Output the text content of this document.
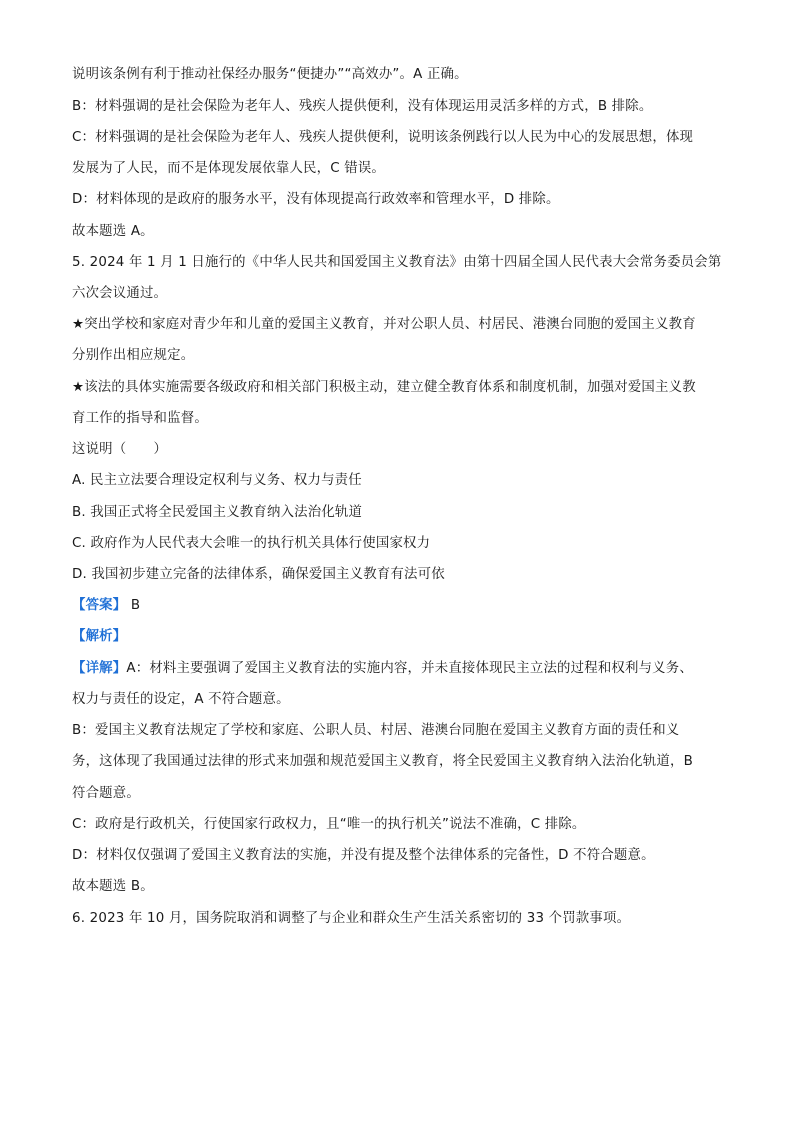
说明该条例有利于推动社保经办服务“便捷办”“高效办”。A 正确。
B：材料强调的是社会保险为老年人、残疾人提供便利，没有体现运用灵活多样的方式，B 排除。
C：材料强调的是社会保险为老年人、残疾人提供便利，说明该条例践行以人民为中心的发展思想，体现
发展为了人民，而不是体现发展依靠人民，C 错误。
D：材料体现的是政府的服务水平，没有体现提高行政效率和管理水平，D 排除。
故本题选 A。
5. 2024 年 1 月 1 日施行的《中华人民共和国爱国主义教育法》由第十四届全国人民代表大会常务委员会第
六次会议通过。
★突出学校和家庭对青少年和儿童的爱国主义教育，并对公职人员、村居民、港澳台同胞的爱国主义教育
分别作出相应规定。
★该法的具体实施需要各级政府和相关部门积极主动，建立健全教育体系和制度机制，加强对爱国主义教
育工作的指导和监督。
这说明（　　）
A. 民主立法要合理设定权利与义务、权力与责任
B. 我国正式将全民爱国主义教育纳入法治化轨道
C. 政府作为人民代表大会唯一的执行机关具体行使国家权力
D. 我国初步建立完备的法律体系，确保爱国主义教育有法可依
【答案】 B
【解析】
【详解】A：材料主要强调了爱国主义教育法的实施内容，并未直接体现民主立法的过程和权利与义务、
权力与责任的设定，A 不符合题意。
B：爱国主义教育法规定了学校和家庭、公职人员、村居、港澳台同胞在爱国主义教育方面的责任和义
务，这体现了我国通过法律的形式来加强和规范爱国主义教育，将全民爱国主义教育纳入法治化轨道，B
符合题意。
C：政府是行政机关，行使国家行政权力，且“唯一的执行机关”说法不准确，C 排除。
D：材料仅仅强调了爱国主义教育法的实施，并没有提及整个法律体系的完备性，D 不符合题意。
故本题选 B。
6. 2023 年 10 月，国务院取消和调整了与企业和群众生产生活关系密切的 33 个罚款事项。
